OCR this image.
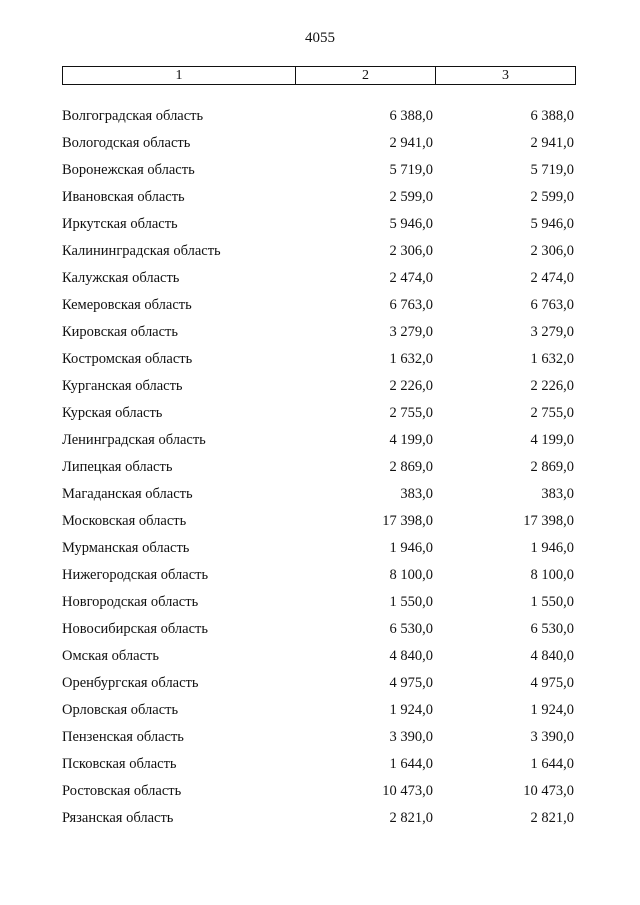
4055
1	2	3
Волгоградская область	6 388,0	6 388,0
Вологодская область	2 941,0	2 941,0
Воронежская область	5 719,0	5 719,0
Ивановская область	2 599,0	2 599,0
Иркутская область	5 946,0	5 946,0
Калининградская область	2 306,0	2 306,0
Калужская область	2 474,0	2 474,0
Кемеровская область	6 763,0	6 763,0
Кировская область	3 279,0	3 279,0
Костромская область	1 632,0	1 632,0
Курганская область	2 226,0	2 226,0
Курская область	2 755,0	2 755,0
Ленинградская область	4 199,0	4 199,0
Липецкая область	2 869,0	2 869,0
Магаданская область	383,0	383,0
Московская область	17 398,0	17 398,0
Мурманская область	1 946,0	1 946,0
Нижегородская область	8 100,0	8 100,0
Новгородская область	1 550,0	1 550,0
Новосибирская область	6 530,0	6 530,0
Омская область	4 840,0	4 840,0
Оренбургская область	4 975,0	4 975,0
Орловская область	1 924,0	1 924,0
Пензенская область	3 390,0	3 390,0
Псковская область	1 644,0	1 644,0
Ростовская область	10 473,0	10 473,0
Рязанская область	2 821,0	2 821,0
